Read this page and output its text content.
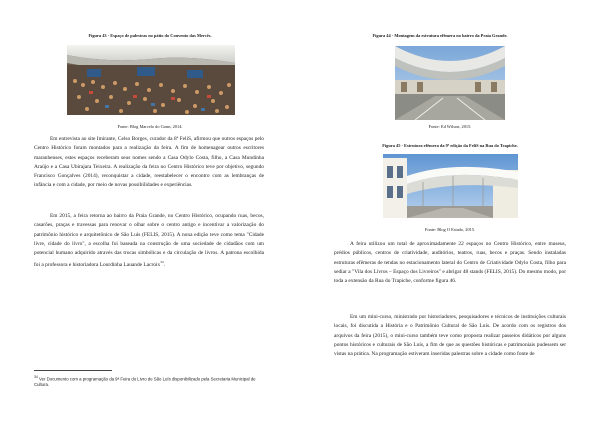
Figura 43 - Espaço de palestras no pátio do Convento das Mercês.
Fonte: Blog Marcelo do Gonn, 2014.

Em entrevista ao site Imirante, Celso Borges, curador da 8ª FeliS, afirmou que outros espaços pelo Centro Histórico foram montados para a realização da feira. A fim de homenagear outros escritores maranhenses, estes espaços receberam seus nomes sendo a Casa Odylo Costa, filho, a Casa Mundinha Araújo e a Casa Ubirajara Teixeira. A realização da feira no Centro Histórico teve por objetivo, segundo Francisco Gonçalves (2014), reconquistar a cidade, reestabelecer o encontro com as lembranças de infância e com a cidade, por meio de novas possibilidades e experiências.

Em 2015, a feira retorna ao bairro da Praia Grande, no Centro Histórico, ocupando ruas, becos, casarões, praças e travessas para renovar o olhar sobre o centro antigo e incentivar a valorização do patrimônio histórico e arquitetônico de São Luís (FELIS, 2015). A nona edição teve como tema "Cidade livre, cidade do livro", a escolha foi baseada na construção de uma sociedade de cidadãos com um potencial humano adquirido através das trocas simbólicas e da circulação de livros. A patrona escolhida foi a professora e historiadora Lourdinha Lauande Lacroix$^{34}$.

$^{34}$ Ver Documento com a programação da 9ª Feira do Livro de São Luís disponibilizado pela Secretaria Municipal de Cultura.

Figura 44 - Montagem da estrutura efêmera no bairro da Praia Grande.
Fonte: Ed Wilson, 2015.
Figura 45 - Estrutura efêmera da 9ª edição da FeliS na Rua do Trapiche.
Fonte: Blog O Estado, 2015.

A feira utilizou um total de aproximadamente 22 espaços no Centro Histórico, entre museus, prédios públicos, centros de criatividade, auditórios, teatros, ruas, becos e praças. Sendo instaladas estruturas efêmeras de tendas no estacionamento lateral do Centro de Criatividade Odylo Costa, filho para sediar a "Vila dos Livros – Espaço dos Livreiros" e abrigar 48 stands (FELIS, 2015). Do mesmo modo, por toda a extensão da Rua do Trapiche, conforme figura 46.

Em um mini-curso, ministrado por historiadores, pesquisadores e técnicos de instituições culturais locais, foi discutida a História e o Patrimônio Cultural de São Luís. De acordo com os registros dos arquivos da feira (2015), o mini-curso também teve como proposta realizar passeios didáticos por alguns pontos históricos e culturais de São Luís, a fim de que as questões históricas e patrimoniais pudessem ser vistas na prática. Na programação estiveram inseridas palestras sobre a cidade como fonte de
